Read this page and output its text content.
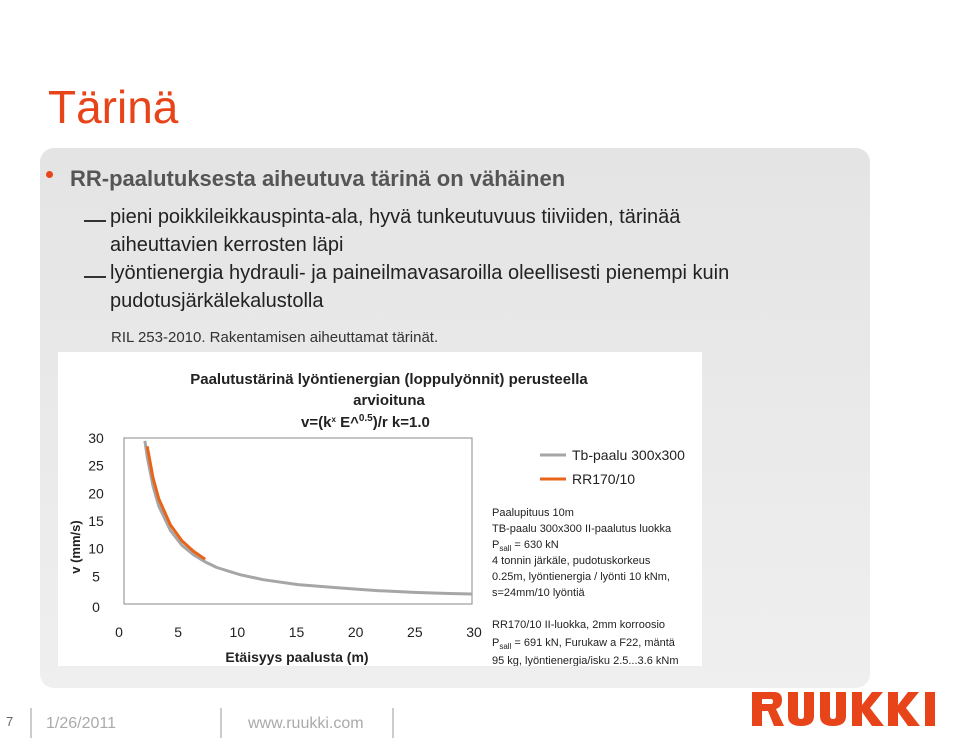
Tärinä
RR-paalutuksesta aiheutuva tärinä on vähäinen
pieni poikkileikkauspinta-ala, hyvä tunkeutuvuus tiiviiden, tärinää
aiheuttavien kerrosten läpi
lyöntienergia hydrauli- ja paineilmavasaroilla oleellisesti pienempi kuin
pudotusjärkälekalustolla
RIL 253-2010. Rakentamisen aiheuttamat tärinät.
Paalutustärinä lyöntienergian (loppulyönnit) perusteella
arvioituna
$v=(k^x$ E^$^{0.5}$)/r k=1.0
0
5
10
15
20
25
30
0	5	10	15	20	25	30
Etäisyys paalusta (m)
v (mm/s)
Tb-paalu 300x300
RR170/10
Paalupituus 10m
TB-paalu 300x300 II-paalutus luokka
$P_{sall} = 630$ kN
4 tonnin järkäle, pudotuskorkeus
0.25m, lyöntienergia / lyönti 10 kNm,
s=24mm/10 lyöntiä
RR170/10 II-luokka, 2mm korroosio
$P_{sall} = 691$ kN, Furukaw a F22, mäntä
95 kg, lyöntienergia/isku 2.5...3.6 kNm
7 1/26/2011	www.ruukki.com
